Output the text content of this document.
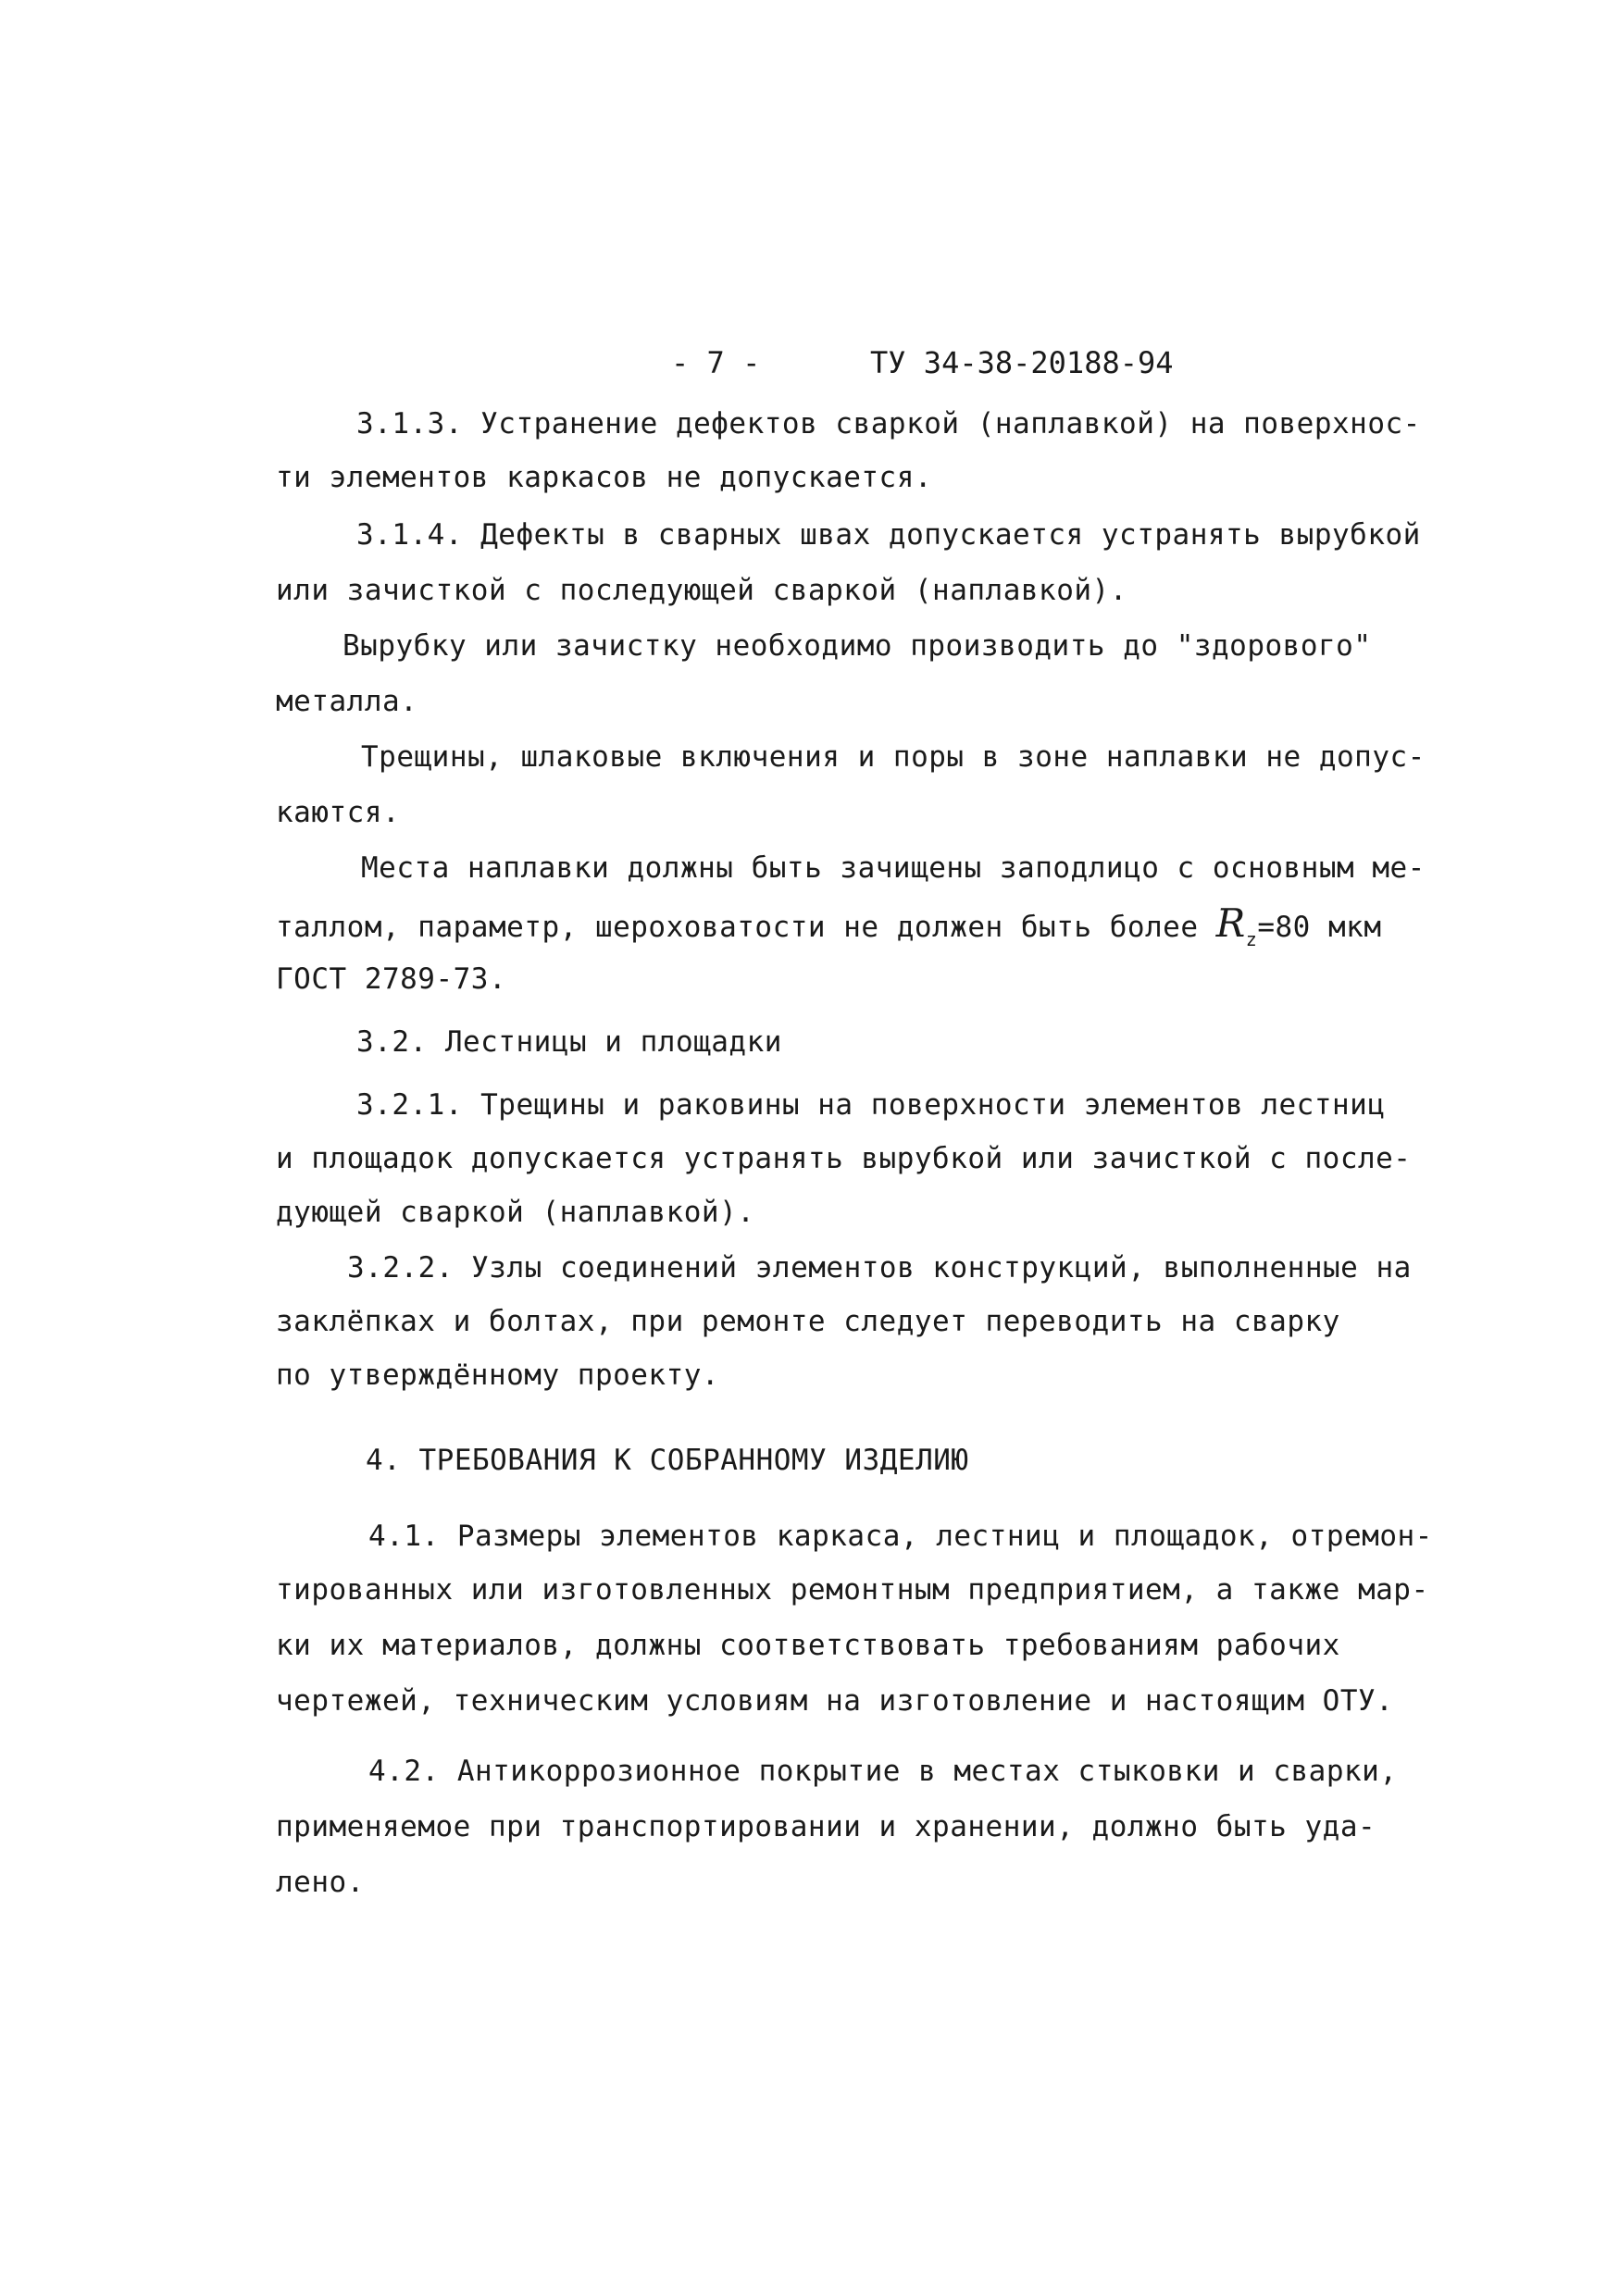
- 7 -	ТУ 34-38-20188-94
3.1.3. Устранение дефектов сваркой (наплавкой) на поверхнос-
ти элементов каркасов не допускается.
3.1.4. Дефекты в сварных швах допускается устранять вырубкой
или зачисткой с последующей сваркой (наплавкой).
Вырубку или зачистку необходимо производить до "здорового"
металла.
Трещины, шлаковые включения и поры в зоне наплавки не допус-
каются.
Места наплавки должны быть зачищены заподлицо с основным ме-
таллом, параметр, шероховатости не должен быть более $R_z=80$ мкм
ГОСТ 2789-73.
3.2. Лестницы и площадки
3.2.1. Трещины и раковины на поверхности элементов лестниц
и площадок допускается устранять вырубкой или зачисткой с после-
дующей сваркой (наплавкой).
3.2.2. Узлы соединений элементов конструкций, выполненные на
заклёпках и болтах, при ремонте следует переводить на сварку
по утверждённому проекту.
4. ТРЕБОВАНИЯ К СОБРАННОМУ ИЗДЕЛИЮ
4.1. Размеры элементов каркаса, лестниц и площадок, отремон-
тированных или изготовленных ремонтным предприятием, а также мар-
ки их материалов, должны соответствовать требованиям рабочих
чертежей, техническим условиям на изготовление и настоящим ОТУ.
4.2. Антикоррозионное покрытие в местах стыковки и сварки,
применяемое при транспортировании и хранении, должно быть уда-
лено.
